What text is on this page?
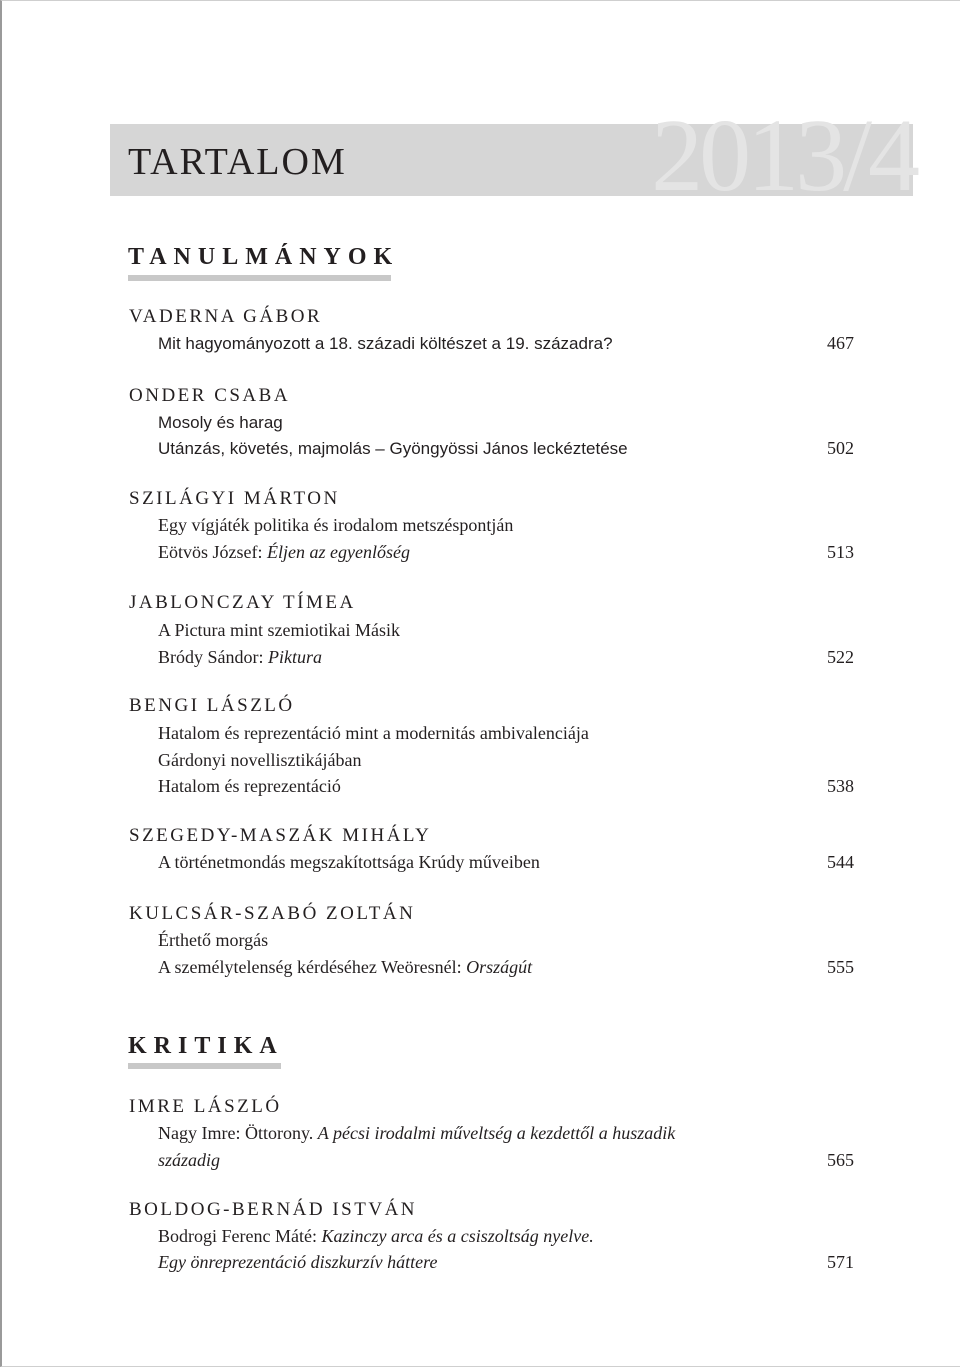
2013/4
TARTALOM
TANULMÁNYOK
VADERNA GÁBOR
Mit hagyományozott a 18. századi költészet a 19. századra?	467
ONDER CSABA
Mosoly és harag
Utánzás, követés, majmolás – Gyöngyössi János leckéztetése	502
SZILÁGYI MÁRTON
Egy vígjáték politika és irodalom metszéspontján
Eötvös József: Éljen az egyenlőség	513
JABLONCZAY TÍMEA
A Pictura mint szemiotikai Másik
Bródy Sándor: Piktura	522
BENGI LÁSZLÓ
Hatalom és reprezentáció mint a modernitás ambivalenciája
Gárdonyi novellisztikájában
Hatalom és reprezentáció	538
SZEGEDY-MASZÁK MIHÁLY
A történetmondás megszakítottsága Krúdy műveiben	544
KULCSÁR-SZABÓ ZOLTÁN
Érthető morgás
A személytelenség kérdéséhez Weöresnél: Országút	555
KRITIKA
IMRE LÁSZLÓ
Nagy Imre: Öttorony. A pécsi irodalmi műveltség a kezdettől a huszadik
századig	565
BOLDOG-BERNÁD ISTVÁN
Bodrogi Ferenc Máté: Kazinczy arca és a csiszoltság nyelve.
Egy önreprezentáció diszkurzív háttere	571
